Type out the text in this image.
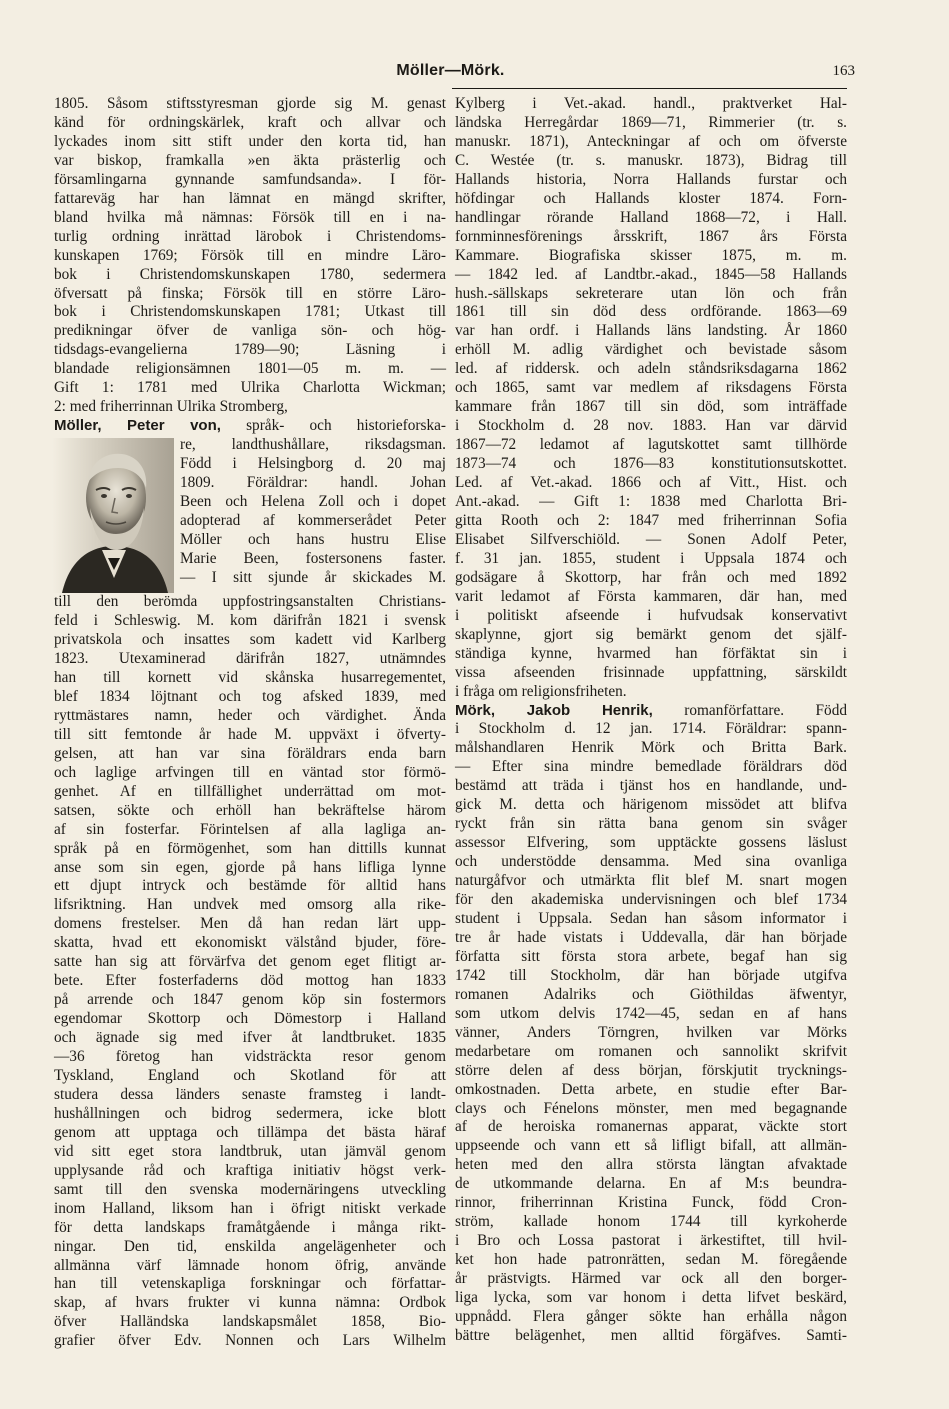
Möller—Mörk.	163
1805. Såsom stiftsstyresman gjorde sig M. genast
känd för ordningskärlek, kraft och allvar och
lyckades inom sitt stift under den korta tid, han
var biskop, framkalla »en äkta prästerlig och
församlingarna gynnande samfundsanda». I för-
fattareväg har han lämnat en mängd skrifter,
bland hvilka må nämnas: Försök till en i na-
turlig ordning inrättad lärobok i Christendoms-
kunskapen 1769; Försök till en mindre Läro-
bok i Christendomskunskapen 1780, sedermera
öfversatt på finska; Försök till en större Läro-
bok i Christendomskunskapen 1781; Utkast till
predikningar öfver de vanliga sön- och hög-
tidsdags-evangelierna 1789—90; Läsning i
blandade religionsämnen 1801—05 m. m. —
Gift 1: 1781 med Ulrika Charlotta Wickman;
2: med friherrinnan Ulrika Stromberg,
Möller, Peter von, språk- och historieforska-
re, landthushållare, riksdagsman.
Född i Helsingborg d. 20 maj
1809. Föräldrar: handl. Johan
Been och Helena Zoll och i dopet
adopterad af kommerserådet Peter
Möller och hans hustru Elise
Marie Been, fostersonens faster.
— I sitt sjunde år skickades M.
till den berömda uppfostringsanstalten Christians-
feld i Schleswig. M. kom därifrån 1821 i svensk
privatskola och insattes som kadett vid Karlberg
1823. Utexaminerad därifrån 1827, utnämndes
han till kornett vid skånska husarregementet,
blef 1834 löjtnant och tog afsked 1839, med
ryttmästares namn, heder och värdighet. Ända
till sitt femtonde år hade M. uppväxt i öfverty-
gelsen, att han var sina föräldrars enda barn
och laglige arfvingen till en väntad stor förmö-
genhet. Af en tillfällighet underrättad om mot-
satsen, sökte och erhöll han bekräftelse härom
af sin fosterfar. Förintelsen af alla lagliga an-
språk på en förmögenhet, som han dittills kunnat
anse som sin egen, gjorde på hans lifliga lynne
ett djupt intryck och bestämde för alltid hans
lifsriktning. Han undvek med omsorg alla rike-
domens frestelser. Men då han redan lärt upp-
skatta, hvad ett ekonomiskt välstånd bjuder, före-
satte han sig att förvärfva det genom eget flitigt ar-
bete. Efter fosterfaderns död mottog han 1833
på arrende och 1847 genom köp sin fostermors
egendomar Skottorp och Dömestorp i Halland
och ägnade sig med ifver åt landtbruket. 1835
—36 företog han vidsträckta resor genom
Tyskland, England och Skotland för att
studera dessa länders senaste framsteg i landt-
hushållningen och bidrog sedermera, icke blott
genom att upptaga och tillämpa det bästa häraf
vid sitt eget stora landtbruk, utan jämväl genom
upplysande råd och kraftiga initiativ högst verk-
samt till den svenska modernäringens utveckling
inom Halland, liksom han i öfrigt nitiskt verkade
för detta landskaps framåtgående i många rikt-
ningar. Den tid, enskilda angelägenheter och
allmänna värf lämnade honom öfrig, använde
han till vetenskapliga forskningar och författar-
skap, af hvars frukter vi kunna nämna: Ordbok
öfver Halländska landskapsmålet 1858, Bio-
grafier öfver Edv. Nonnen och Lars Wilhelm
Kylberg i Vet.-akad. handl., praktverket Hal-
ländska Herregårdar 1869—71, Rimmerier (tr. s.
manuskr. 1871), Anteckningar af och om öfverste
C. Westée (tr. s. manuskr. 1873), Bidrag till
Hallands historia, Norra Hallands furstar och
höfdingar och Hallands kloster 1874. Forn-
handlingar rörande Halland 1868—72, i Hall.
fornminnesförenings årsskrift, 1867 års Första
Kammare. Biografiska skisser 1875, m. m.
— 1842 led. af Landtbr.-akad., 1845—58 Hallands
hush.-sällskaps sekreterare utan lön och från
1861 till sin död dess ordförande. 1863—69
var han ordf. i Hallands läns landsting. År 1860
erhöll M. adlig värdighet och bevistade såsom
led. af riddersk. och adeln ståndsriksdagarna 1862
och 1865, samt var medlem af riksdagens Första
kammare från 1867 till sin död, som inträffade
i Stockholm d. 28 nov. 1883. Han var därvid
1867—72 ledamot af lagutskottet samt tillhörde
1873—74 och 1876—83 konstitutionsutskottet.
Led. af Vet.-akad. 1866 och af Vitt., Hist. och
Ant.-akad. — Gift 1: 1838 med Charlotta Bri-
gitta Rooth och 2: 1847 med friherrinnan Sofia
Elisabet Silfverschiöld. — Sonen Adolf Peter,
f. 31 jan. 1855, student i Uppsala 1874 och
godsägare å Skottorp, har från och med 1892
varit ledamot af Första kammaren, där han, med
i politiskt afseende i hufvudsak konservativt
skaplynne, gjort sig bemärkt genom det själf-
ständiga kynne, hvarmed han förfäktat sin i
vissa afseenden frisinnade uppfattning, särskildt
i fråga om religionsfriheten.
Mörk, Jakob Henrik, romanförfattare. Född
i Stockholm d. 12 jan. 1714. Föräldrar: spann-
målshandlaren Henrik Mörk och Britta Bark.
— Efter sina mindre bemedlade föräldrars död
bestämd att träda i tjänst hos en handlande, und-
gick M. detta och härigenom missödet att blifva
ryckt från sin rätta bana genom sin svåger
assessor Elfvering, som upptäckte gossens läslust
och understödde densamma. Med sina ovanliga
naturgåfvor och utmärkta flit blef M. snart mogen
för den akademiska undervisningen och blef 1734
student i Uppsala. Sedan han såsom informator i
tre år hade vistats i Uddevalla, där han började
författa sitt första stora arbete, begaf han sig
1742 till Stockholm, där han började utgifva
romanen Adalriks och Giöthildas äfwentyr,
som utkom delvis 1742—45, sedan en af hans
vänner, Anders Törngren, hvilken var Mörks
medarbetare om romanen och sannolikt skrifvit
större delen af dess början, förskjutit trycknings-
omkostnaden. Detta arbete, en studie efter Bar-
clays och Fénelons mönster, men med begagnande
af de heroiska romanernas apparat, väckte stort
uppseende och vann ett så lifligt bifall, att allmän-
heten med den allra största längtan afvaktade
de utkommande delarna. En af M:s beundra-
rinnor, friherrinnan Kristina Funck, född Cron-
ström, kallade honom 1744 till kyrkoherde
i Bro och Lossa pastorat i ärkestiftet, till hvil-
ket hon hade patronrätten, sedan M. föregående
år prästvigts. Härmed var ock all den borger-
liga lycka, som var honom i detta lifvet beskärd,
uppnådd. Flera gånger sökte han erhålla någon
bättre belägenhet, men alltid förgäfves. Samti-
